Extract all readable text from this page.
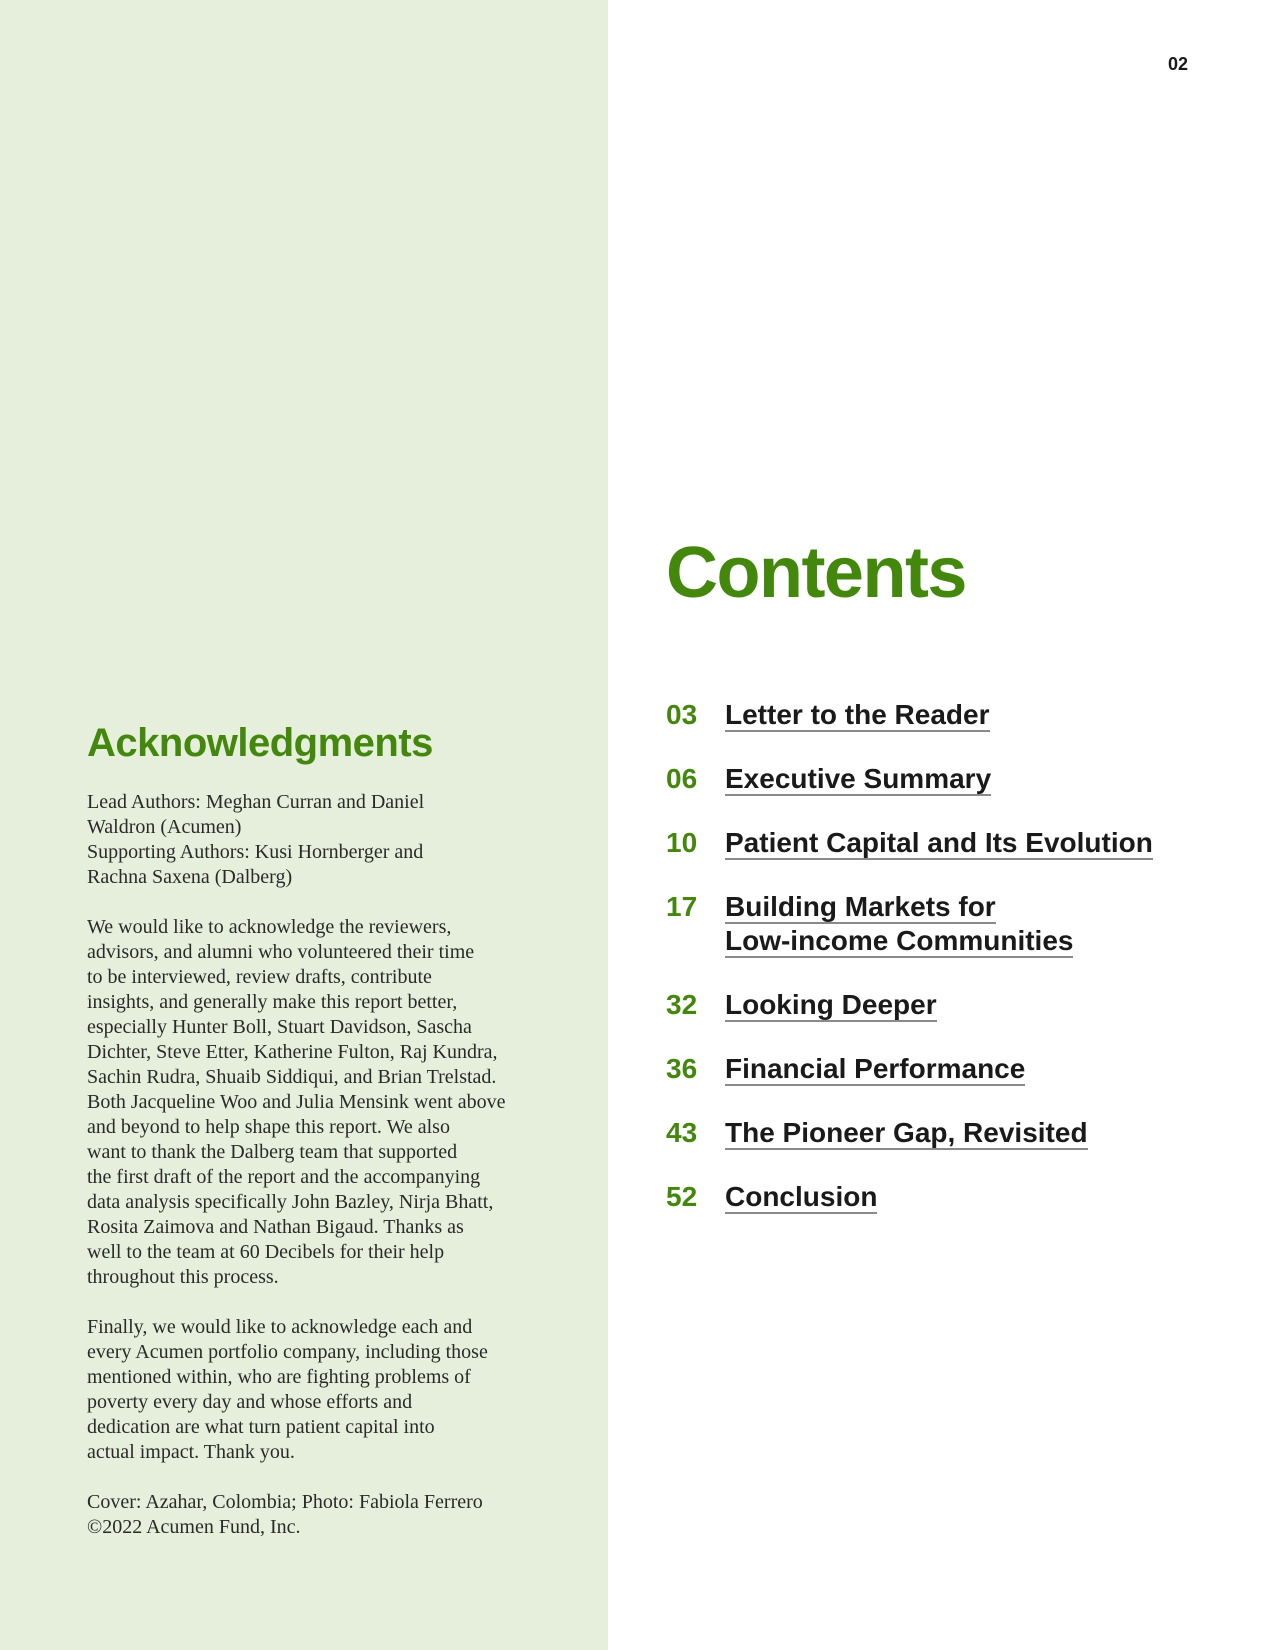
02
Acknowledgments

Lead Authors: Meghan Curran and Daniel
Waldron (Acumen)
Supporting Authors: Kusi Hornberger and
Rachna Saxena (Dalberg)

We would like to acknowledge the reviewers,
advisors, and alumni who volunteered their time
to be interviewed, review drafts, contribute
insights, and generally make this report better,
especially Hunter Boll, Stuart Davidson, Sascha
Dichter, Steve Etter, Katherine Fulton, Raj Kundra,
Sachin Rudra, Shuaib Siddiqui, and Brian Trelstad.
Both Jacqueline Woo and Julia Mensink went above
and beyond to help shape this report. We also
want to thank the Dalberg team that supported
the first draft of the report and the accompanying
data analysis specifically John Bazley, Nirja Bhatt,
Rosita Zaimova and Nathan Bigaud. Thanks as
well to the team at 60 Decibels for their help
throughout this process.

Finally, we would like to acknowledge each and
every Acumen portfolio company, including those
mentioned within, who are fighting problems of
poverty every day and whose efforts and
dedication are what turn patient capital into
actual impact. Thank you.

Cover: Azahar, Colombia; Photo: Fabiola Ferrero
©2022 Acumen Fund, Inc.

Contents
03 Letter to the Reader
06 Executive Summary
10 Patient Capital and Its Evolution
17 Building Markets for
Low-income Communities
32 Looking Deeper
36 Financial Performance
43 The Pioneer Gap, Revisited
52 Conclusion
